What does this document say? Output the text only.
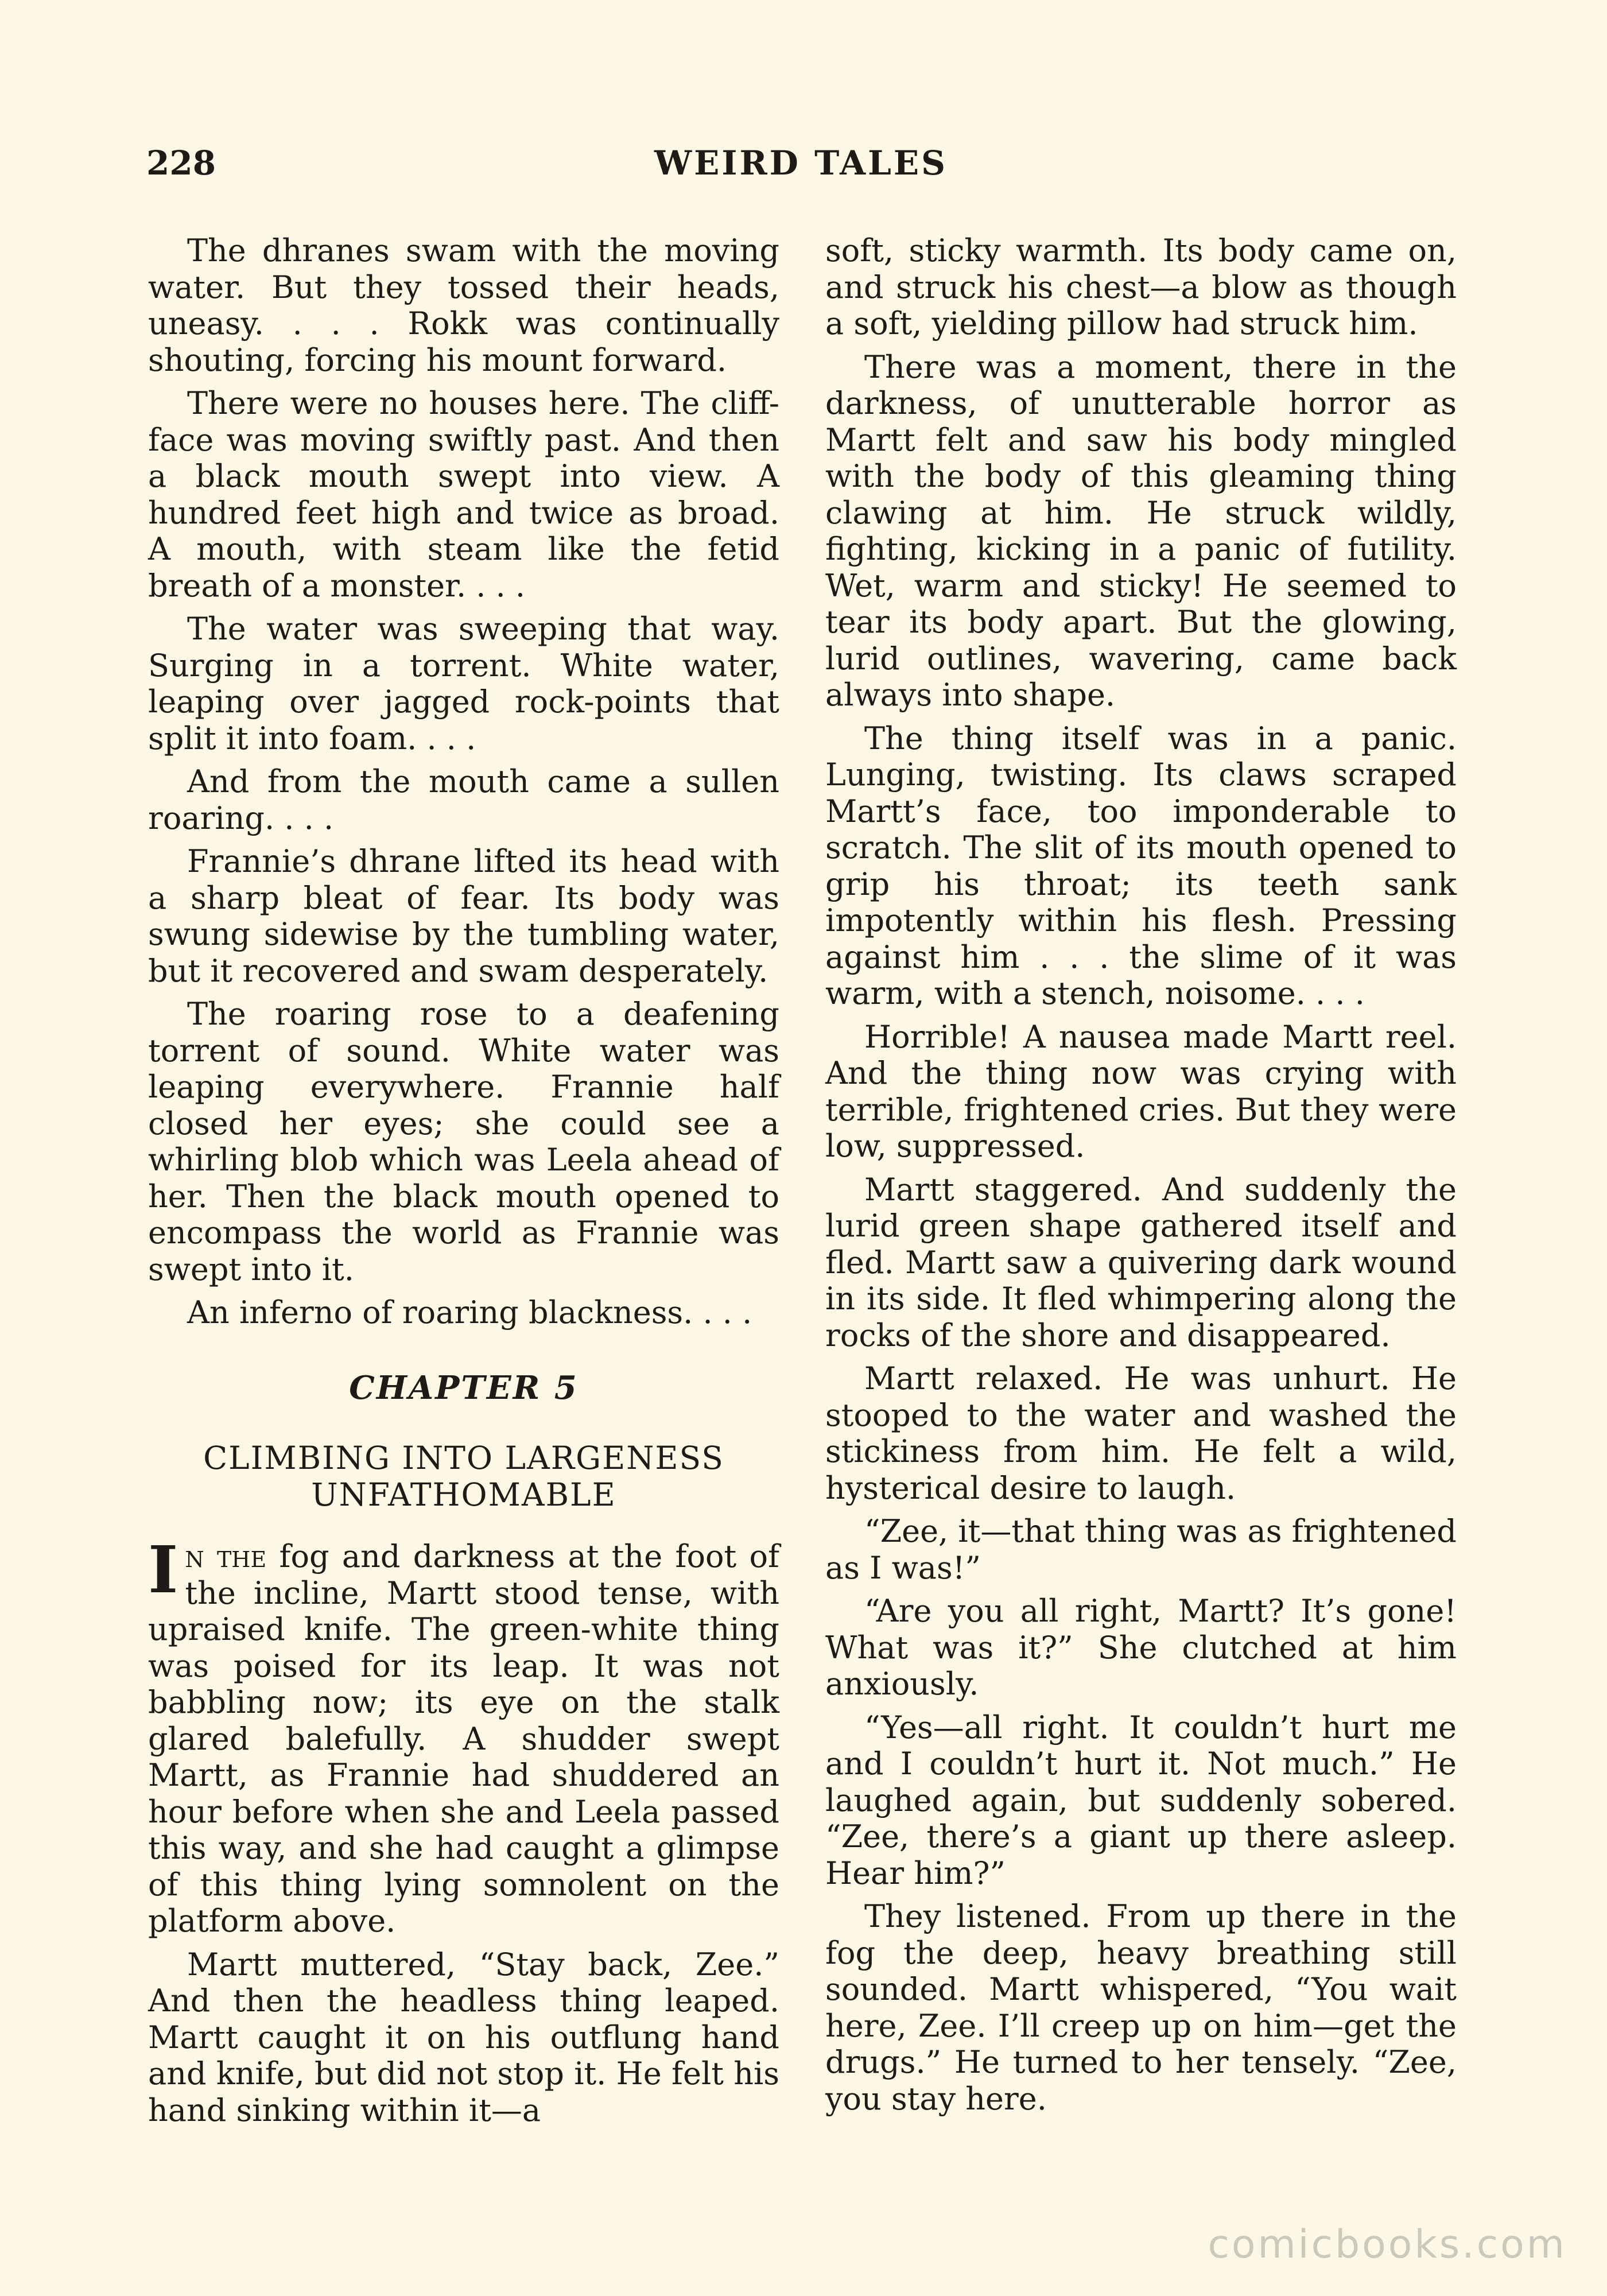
228	WEIRD TALES

The dhranes swam with the moving water. But they tossed their heads, uneasy. . . . Rokk was continually shouting, forcing his mount forward.

There were no houses here. The cliff-face was moving swiftly past. And then a black mouth swept into view. A hundred feet high and twice as broad. A mouth, with steam like the fetid breath of a monster. . . .

The water was sweeping that way. Surging in a torrent. White water, leaping over jagged rock-points that split it into foam. . . .

And from the mouth came a sullen roaring. . . .

Frannie’s dhrane lifted its head with a sharp bleat of fear. Its body was swung sidewise by the tumbling water, but it recovered and swam desperately.

The roaring rose to a deafening torrent of sound. White water was leaping everywhere. Frannie half closed her eyes; she could see a whirling blob which was Leela ahead of her. Then the black mouth opened to encompass the world as Frannie was swept into it.

An inferno of roaring blackness. . . .

CHAPTER 5
CLIMBING INTO LARGENESS
UNFATHOMABLE

In the fog and darkness at the foot of the incline, Martt stood tense, with upraised knife. The green-white thing was poised for its leap. It was not babbling now; its eye on the stalk glared balefully. A shudder swept Martt, as Frannie had shuddered an hour before when she and Leela passed this way, and she had caught a glimpse of this thing lying somnolent on the platform above.

Martt muttered, “Stay back, Zee.” And then the headless thing leaped. Martt caught it on his outflung hand and knife, but did not stop it. He felt his hand sinking within it—a

soft, sticky warmth. Its body came on, and struck his chest—a blow as though a soft, yielding pillow had struck him.

There was a moment, there in the darkness, of unutterable horror as Martt felt and saw his body mingled with the body of this gleaming thing clawing at him. He struck wildly, fighting, kicking in a panic of futility. Wet, warm and sticky! He seemed to tear its body apart. But the glowing, lurid outlines, wavering, came back always into shape.

The thing itself was in a panic. Lunging, twisting. Its claws scraped Martt’s face, too imponderable to scratch. The slit of its mouth opened to grip his throat; its teeth sank impotently within his flesh. Pressing against him . . . the slime of it was warm, with a stench, noisome. . . .

Horrible! A nausea made Martt reel. And the thing now was crying with terrible, frightened cries. But they were low, suppressed.

Martt staggered. And suddenly the lurid green shape gathered itself and fled. Martt saw a quivering dark wound in its side. It fled whimpering along the rocks of the shore and disappeared.

Martt relaxed. He was unhurt. He stooped to the water and washed the stickiness from him. He felt a wild, hysterical desire to laugh.

“Zee, it—that thing was as frightened as I was!”

“Are you all right, Martt? It’s gone! What was it?” She clutched at him anxiously.

“Yes—all right. It couldn’t hurt me and I couldn’t hurt it. Not much.” He laughed again, but suddenly sobered. “Zee, there’s a giant up there asleep. Hear him?”

They listened. From up there in the fog the deep, heavy breathing still sounded. Martt whispered, “You wait here, Zee. I’ll creep up on him—get the drugs.” He turned to her tensely. “Zee, you stay here.

comicbooks.com
